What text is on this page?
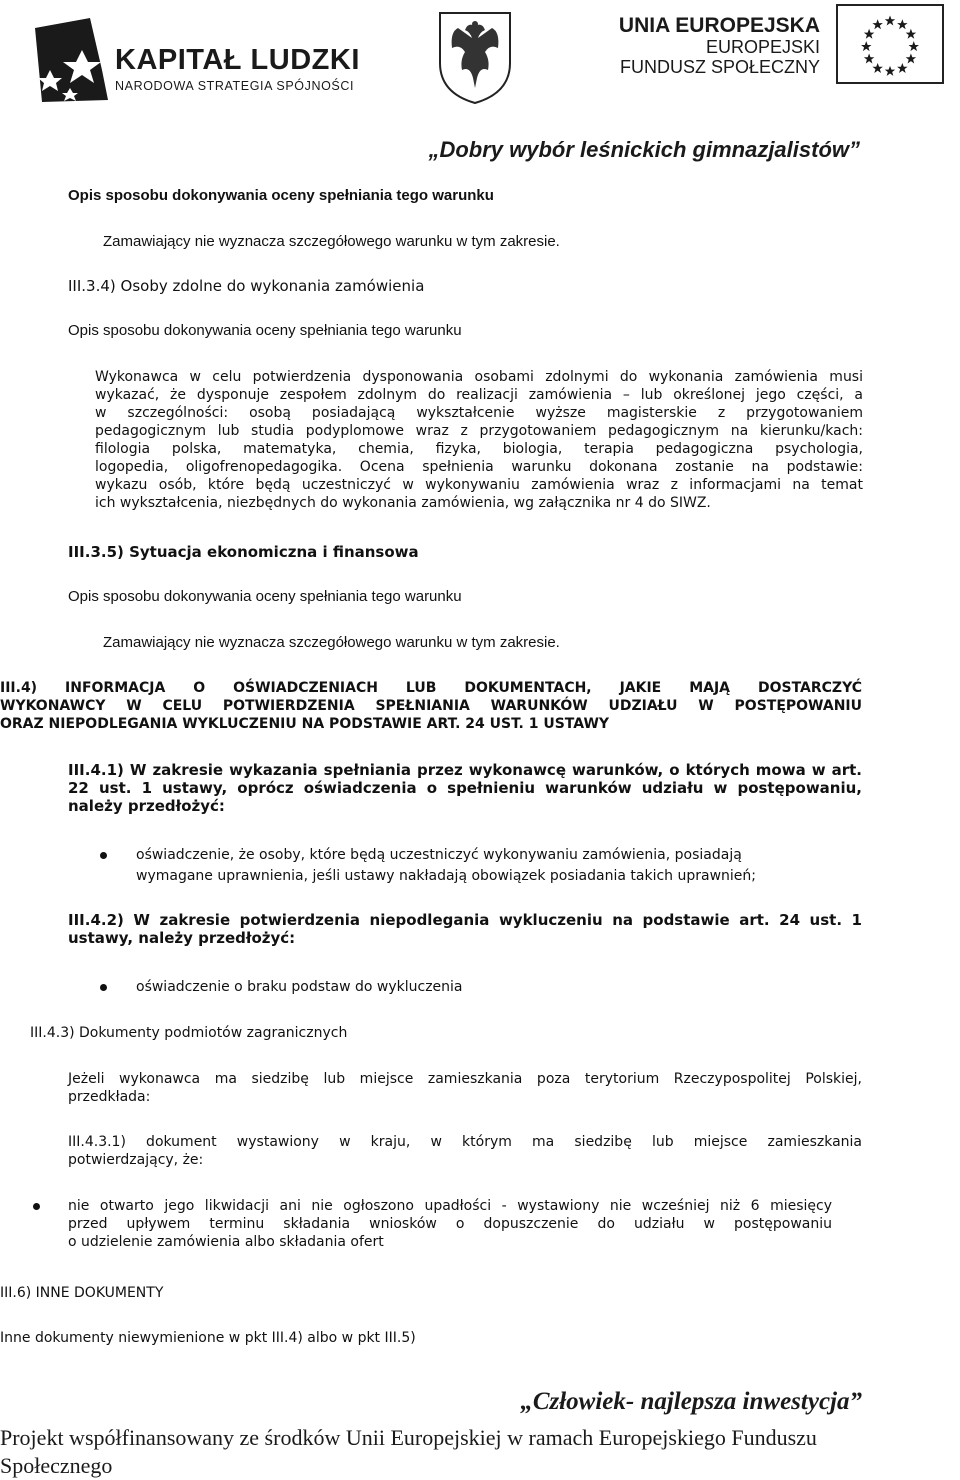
KAPITAŁ LUDZKI
NARODOWA STRATEGIA SPÓJNOŚCI
UNIA EUROPEJSKA
EUROPEJSKI
FUNDUSZ SPOŁECZNY
„Dobry wybór leśnickich gimnazjalistów”
Opis sposobu dokonywania oceny spełniania tego warunku
Zamawiający nie wyznacza szczegółowego warunku w tym zakresie.
III.3.4) Osoby zdolne do wykonania zamówienia
Opis sposobu dokonywania oceny spełniania tego warunku
Wykonawca w celu potwierdzenia dysponowania osobami zdolnymi do wykonania zamówienia musi
wykazać, że dysponuje zespołem zdolnym do realizacji zamówienia – lub określonej jego części, a
w szczególności: osobą posiadającą wykształcenie wyższe magisterskie z przygotowaniem
pedagogicznym lub studia podyplomowe wraz z przygotowaniem pedagogicznym na kierunku/kach:
filologia polska, matematyka, chemia, fizyka, biologia, terapia pedagogiczna psychologia,
logopedia, oligofrenopedagogika. Ocena spełnienia warunku dokonana zostanie na podstawie:
wykazu osób, które będą uczestniczyć w wykonywaniu zamówienia wraz z informacjami na temat
ich wykształcenia, niezbędnych do wykonania zamówienia, wg załącznika nr 4 do SIWZ.
III.3.5) Sytuacja ekonomiczna i finansowa
Opis sposobu dokonywania oceny spełniania tego warunku
Zamawiający nie wyznacza szczegółowego warunku w tym zakresie.
III.4) INFORMACJA O OŚWIADCZENIACH LUB DOKUMENTACH, JAKIE MAJĄ DOSTARCZYĆ
WYKONAWCY W CELU POTWIERDZENIA SPEŁNIANIA WARUNKÓW UDZIAŁU W POSTĘPOWANIU
ORAZ NIEPODLEGANIA WYKLUCZENIU NA PODSTAWIE ART. 24 UST. 1 USTAWY
III.4.1) W zakresie wykazania spełniania przez wykonawcę warunków, o których mowa w art.
22 ust. 1 ustawy, oprócz oświadczenia o spełnieniu warunków udziału w postępowaniu,
należy przedłożyć:
oświadczenie, że osoby, które będą uczestniczyć wykonywaniu zamówienia, posiadają
wymagane uprawnienia, jeśli ustawy nakładają obowiązek posiadania takich uprawnień;
III.4.2) W zakresie potwierdzenia niepodlegania wykluczeniu na podstawie art. 24 ust. 1
ustawy, należy przedłożyć:
oświadczenie o braku podstaw do wykluczenia
III.4.3) Dokumenty podmiotów zagranicznych
Jeżeli wykonawca ma siedzibę lub miejsce zamieszkania poza terytorium Rzeczypospolitej Polskiej,
przedkłada:
III.4.3.1) dokument wystawiony w kraju, w którym ma siedzibę lub miejsce zamieszkania
potwierdzający, że:
nie otwarto jego likwidacji ani nie ogłoszono upadłości - wystawiony nie wcześniej niż 6 miesięcy
przed upływem terminu składania wniosków o dopuszczenie do udziału w postępowaniu
o udzielenie zamówienia albo składania ofert
III.6) INNE DOKUMENTY
Inne dokumenty niewymienione w pkt III.4) albo w pkt III.5)
„Człowiek- najlepsza inwestycja”
Projekt współfinansowany ze środków Unii Europejskiej w ramach Europejskiego Funduszu
Społecznego
